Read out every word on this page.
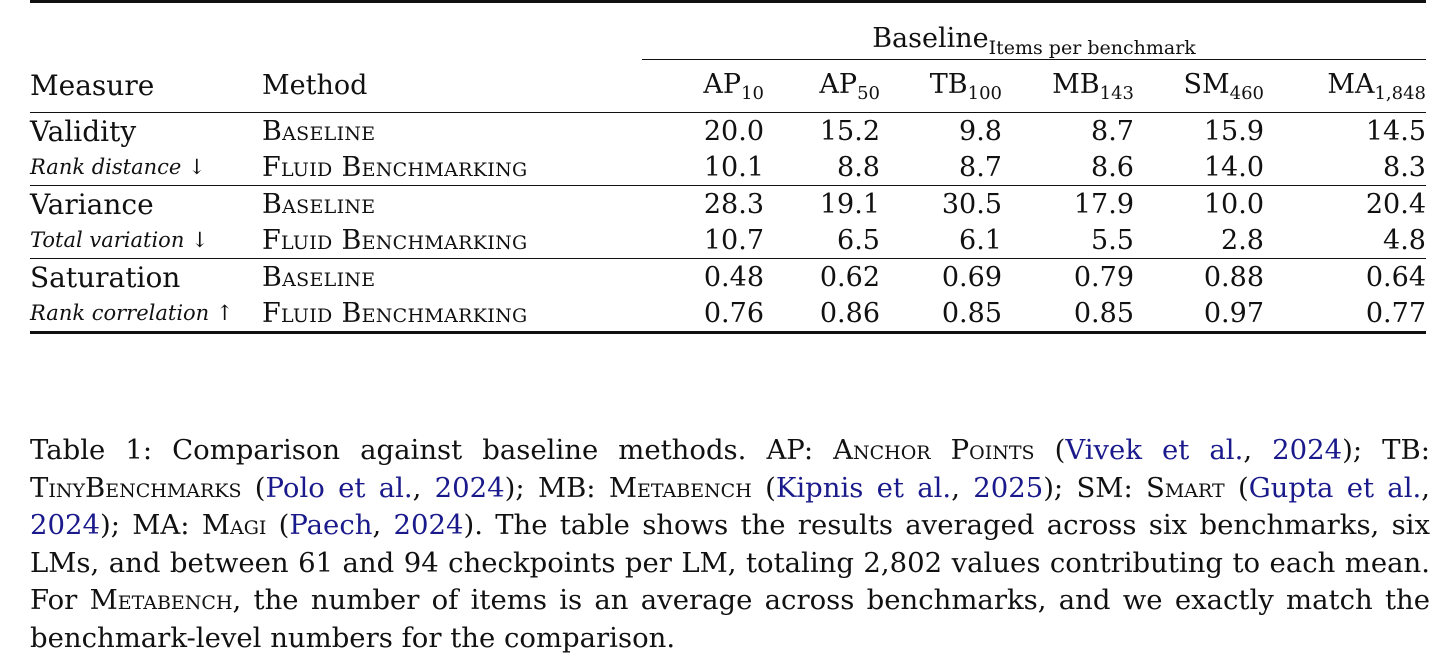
		Baseline$_{Items per benchmark}$
Measure	Method	$AP_{10}$	$AP_{50}$	$TB_{100}$	$MB_{143}$	$SM_{460}$	$MA_{1,848}$
Validity	Baseline	20.0	15.2	9.8	8.7	15.9	14.5
Rank distance ↓	Fluid Benchmarking	10.1	8.8	8.7	8.6	14.0	8.3
Variance	Baseline	28.3	19.1	30.5	17.9	10.0	20.4
Total variation ↓	Fluid Benchmarking	10.7	6.5	6.1	5.5	2.8	4.8
Saturation	Baseline	0.48	0.62	0.69	0.79	0.88	0.64
Rank correlation ↑	Fluid Benchmarking	0.76	0.86	0.85	0.85	0.97	0.77
Table 1: Comparison against baseline methods. AP: Anchor Points (Vivek et al., 2024); TB: TinyBenchmarks (Polo et al., 2024); MB: Metabench (Kipnis et al., 2025); SM: Smart (Gupta et al., 2024); MA: Magi (Paech, 2024). The table shows the results averaged across six benchmarks, six LMs, and between 61 and 94 checkpoints per LM, totaling 2,802 values contributing to each mean. For Metabench, the number of items is an average across benchmarks, and we exactly match the benchmark-level numbers for the comparison.
